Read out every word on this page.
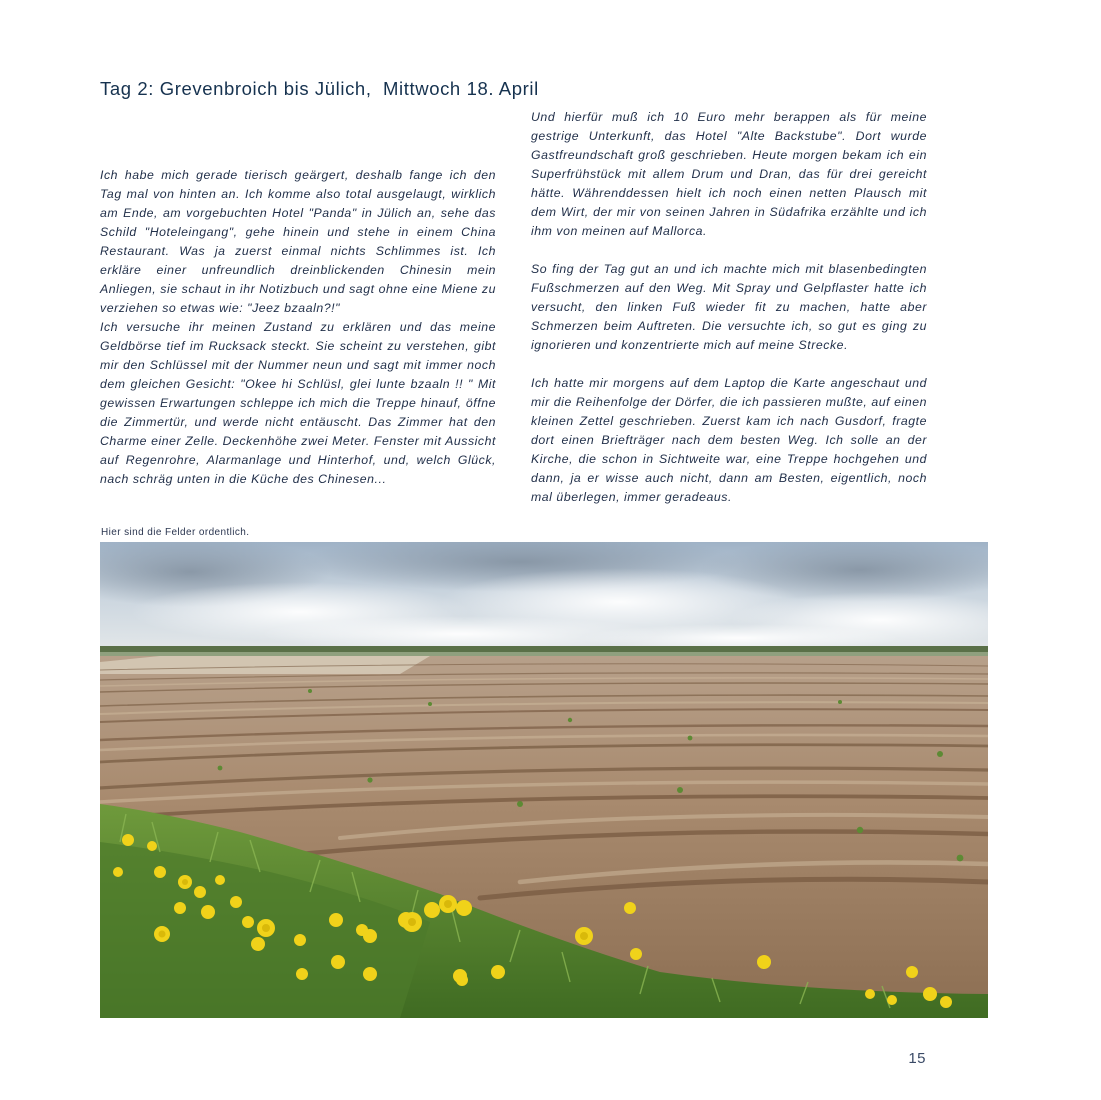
Tag 2: Grevenbroich bis Jülich,  Mittwoch 18. April

Ich habe mich gerade tierisch geärgert, deshalb fange ich den Tag mal von hinten an. Ich komme also total ausgelaugt, wirklich am Ende, am vorgebuchten Hotel "Panda" in Jülich an, sehe das Schild "Hoteleingang", gehe hinein und stehe in einem China Restaurant. Was ja zuerst einmal nichts Schlimmes ist. Ich erkläre einer unfreundlich dreinblickenden Chinesin mein Anliegen, sie schaut in ihr Notizbuch und sagt ohne eine Miene zu verziehen so etwas wie: "Jeez bzaaln?!"

Ich versuche ihr meinen Zustand zu erklären und das meine Geldbörse tief im Rucksack steckt. Sie scheint zu verstehen, gibt mir den Schlüssel mit der Nummer neun und sagt mit immer noch dem gleichen Gesicht: "Okee hi Schlüsl, glei lunte bzaaln !! " Mit gewissen Erwartungen schleppe ich mich die Treppe hinauf, öffne die Zimmertür, und werde nicht entäuscht. Das Zimmer hat den Charme einer Zelle. Deckenhöhe zwei Meter. Fenster mit Aussicht auf Regenrohre, Alarmanlage und Hinterhof, und, welch Glück, nach schräg unten in die Küche des Chinesen...

Und hierfür muß ich 10 Euro mehr berappen als für meine gestrige Unterkunft, das Hotel "Alte Backstube". Dort wurde Gastfreundschaft groß geschrieben. Heute morgen bekam ich ein Superfrühstück mit allem Drum und Dran, das für drei gereicht hätte. Währenddessen hielt ich noch einen netten Plausch mit dem Wirt, der mir von seinen Jahren in Südafrika erzählte und ich ihm von meinen auf Mallorca.

So fing der Tag gut an und ich machte mich mit blasenbedingten Fußschmerzen auf den Weg. Mit Spray und Gelpflaster hatte ich versucht, den linken Fuß wieder fit zu machen, hatte aber Schmerzen beim Auftreten. Die versuchte ich, so gut es ging zu ignorieren und konzentrierte mich auf meine Strecke.

Ich hatte mir morgens auf dem Laptop die Karte angeschaut und mir die Reihenfolge der Dörfer, die ich passieren mußte, auf einen kleinen Zettel geschrieben. Zuerst kam ich nach Gusdorf, fragte dort einen Briefträger nach dem besten Weg. Ich solle an der Kirche, die schon in Sichtweite war, eine Treppe hochgehen und dann, ja er wisse auch nicht, dann am Besten, eigentlich, noch mal überlegen, immer geradeaus.

Hier sind die Felder ordentlich.
15
